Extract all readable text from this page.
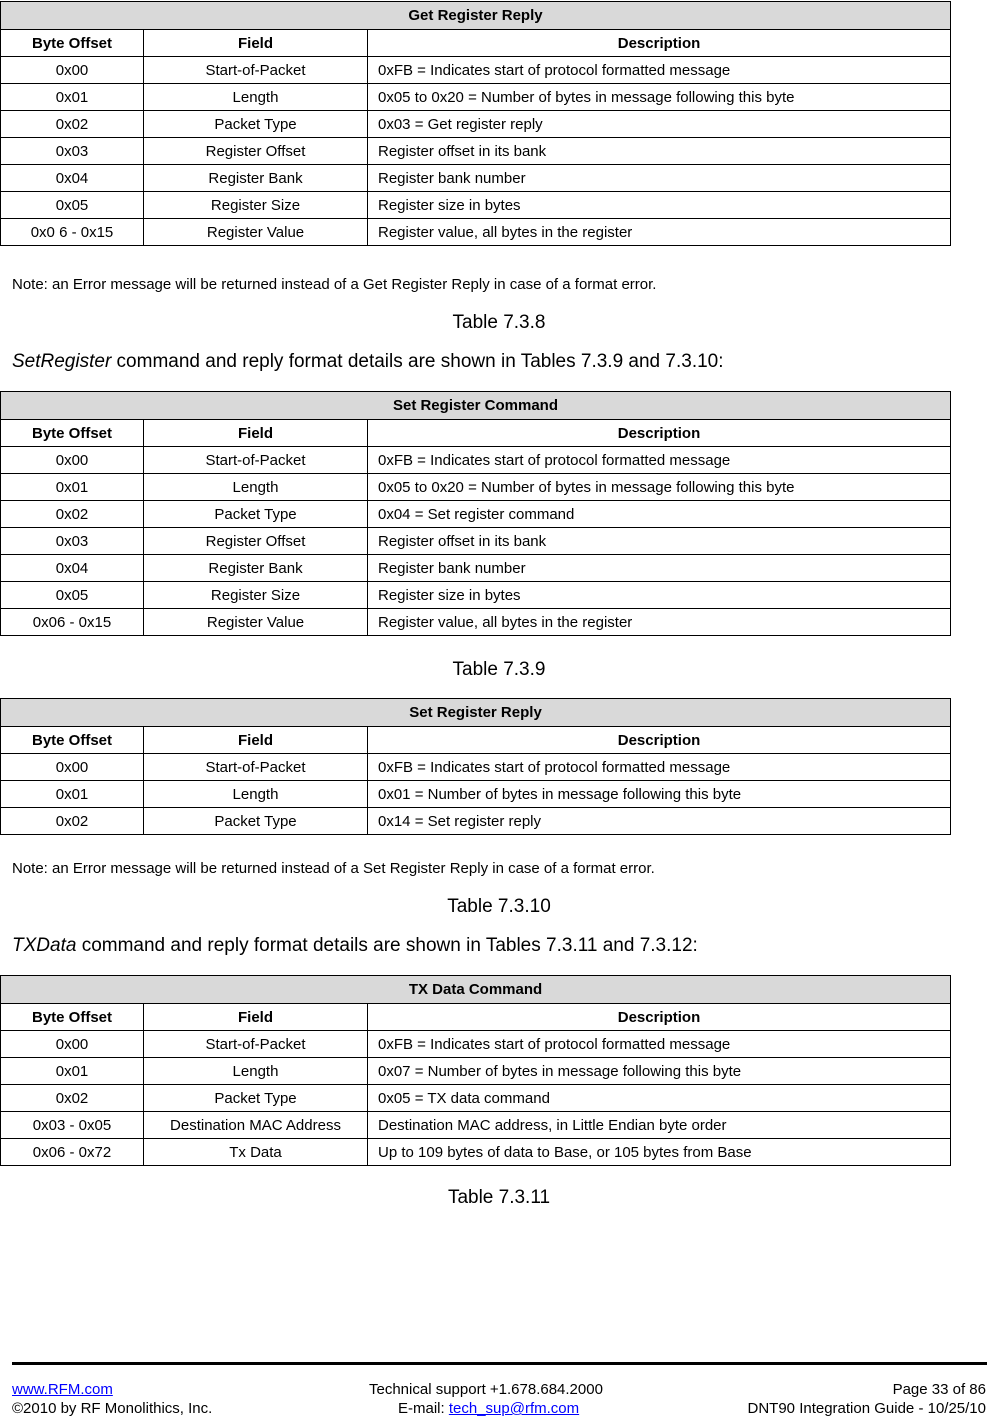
Get Register Reply		
Byte Offset	Field	Description
0x00	Start-of-Packet	0xFB = Indicates start of protocol formatted message
0x01	Length	0x05 to 0x20 = Number of bytes in message following this byte
0x02	Packet Type	0x03 = Get register reply
0x03	Register Offset	Register offset in its bank
0x04	Register Bank	Register bank number
0x05	Register Size	Register size in bytes
0x0 6 - 0x15	Register Value	Register value, all bytes in the register
Note: an Error message will be returned instead of a Get Register Reply in case of a format error.
Table 7.3.8
SetRegister command and reply format details are shown in Tables 7.3.9 and 7.3.10:
Set Register Command		
Byte Offset	Field	Description
0x00	Start-of-Packet	0xFB = Indicates start of protocol formatted message
0x01	Length	0x05 to 0x20 = Number of bytes in message following this byte
0x02	Packet Type	0x04 = Set register command
0x03	Register Offset	Register offset in its bank
0x04	Register Bank	Register bank number
0x05	Register Size	Register size in bytes
0x06 - 0x15	Register Value	Register value, all bytes in the register
Table 7.3.9
Set Register Reply		
Byte Offset	Field	Description
0x00	Start-of-Packet	0xFB = Indicates start of protocol formatted message
0x01	Length	0x01 = Number of bytes in message following this byte
0x02	Packet Type	0x14 = Set register reply
Note: an Error message will be returned instead of a Set Register Reply in case of a format error.
Table 7.3.10
TXData command and reply format details are shown in Tables 7.3.11 and 7.3.12:
TX Data Command		
Byte Offset	Field	Description
0x00	Start-of-Packet	0xFB = Indicates start of protocol formatted message
0x01	Length	0x07 = Number of bytes in message following this byte
0x02	Packet Type	0x05 = TX data command
0x03 - 0x05	Destination MAC Address	Destination MAC address, in Little Endian byte order
0x06 - 0x72	Tx Data	Up to 109 bytes of data to Base, or 105 bytes from Base
Table 7.3.11
www.RFM.com
©2010 by RF Monolithics, Inc.
Technical support +1.678.684.2000
E-mail: tech_sup@rfm.com
Page 33 of 86
DNT90 Integration Guide - 10/25/10
